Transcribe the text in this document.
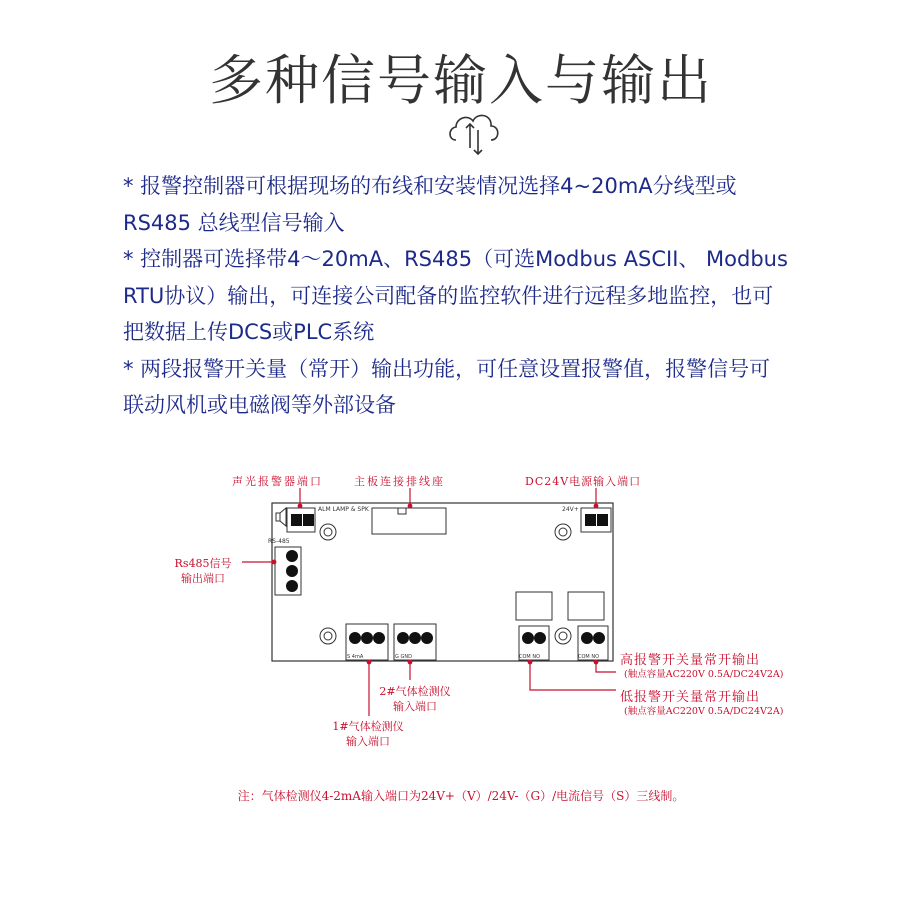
多种信号输入与输出

* 报警控制器可根据现场的布线和安装情况选择4~20mA分线型或

RS485 总线型信号输入

* 控制器可选择带4～20mA、RS485（可选Modbus ASCII、 Modbus

RTU协议）输出，可连接公司配备的监控软件进行远程多地监控，也可

把数据上传DCS或PLC系统

* 两段报警开关量（常开）输出功能，可任意设置报警值，报警信号可

联动风机或电磁阀等外部设备

ALM LAMP & SPK	24V+
RS-485
S 4mA	G GND	COM NO	COM NO
声光报警器端口	主板连接排线座	DC24V电源输入端口
Rs485信号
输出端口
高报警开关量常开输出
(触点容量AC220V 0.5A/DC24V2A)
低报警开关量常开输出
(触点容量AC220V 0.5A/DC24V2A)
2#气体检测仪
输入端口
1#气体检测仪
输入端口
注：气体检测仪4-2mA输入端口为24V+（V）/24V-（G）/电流信号（S）三线制。
